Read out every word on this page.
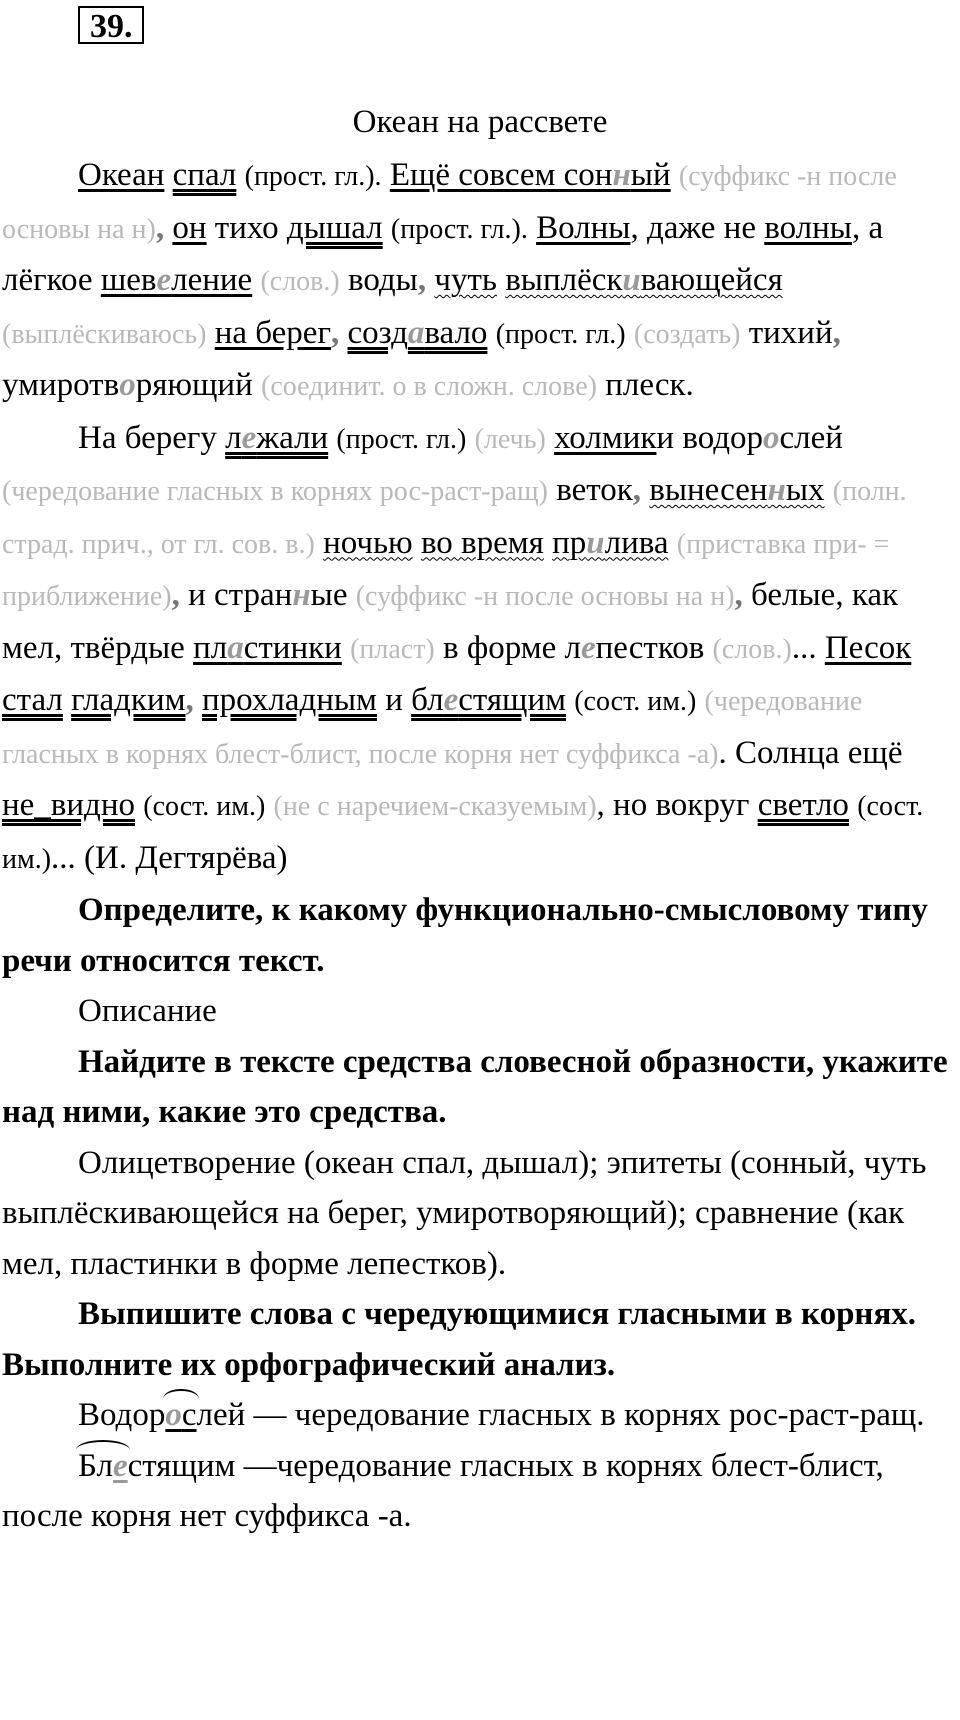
39.
Океан на рассвете

Океан спал (прост. гл.). Ещё совсем сонный (суффикс -н после основы на н), он тихо дышал (прост. гл.). Волны, даже не волны, а лёгкое шевеление (слов.) воды, чуть выплёскивающейся (выплёскиваюсь) на берег, создавало (прост. гл.) (создать) тихий, умиротворяющий (соединит. о в сложн. слове) плеск.

На берегу лежали (прост. гл.) (лечь) холмики водорослей (чередование гласных в корнях рос-раст-ращ) веток, вынесенных (полн. страд. прич., от гл. сов. в.) ночью во время прилива (приставка при- = приближение), и странные (суффикс -н после основы на н), белые, как мел, твёрдые пластинки (пласт) в форме лепестков (слов.)... Песок стал гладким, прохладным и блестящим (сост. им.) (чередование гласных в корнях блест-блист, после корня нет суффикса -а). Солнца ещё не_видно (сост. им.) (не с наречием-сказуемым), но вокруг светло (сост. им.)... (И. Дегтярёва)

Определите, к какому функционально-смысловому типу речи относится текст.

Описание

Найдите в тексте средства словесной образности, укажите над ними, какие это средства.

Олицетворение (океан спал, дышал); эпитеты (сонный, чуть выплёскивающейся на берег, умиротворяющий); сравнение (как мел, пластинки в форме лепестков).

Выпишите слова с чередующимися гласными в корнях. Выполните их орфографический анализ.

Водорослей — чередование гласных в корнях рос-раст-ращ.

Блестящим —чередование гласных в корнях блест-блист, после корня нет суффикса -а.
